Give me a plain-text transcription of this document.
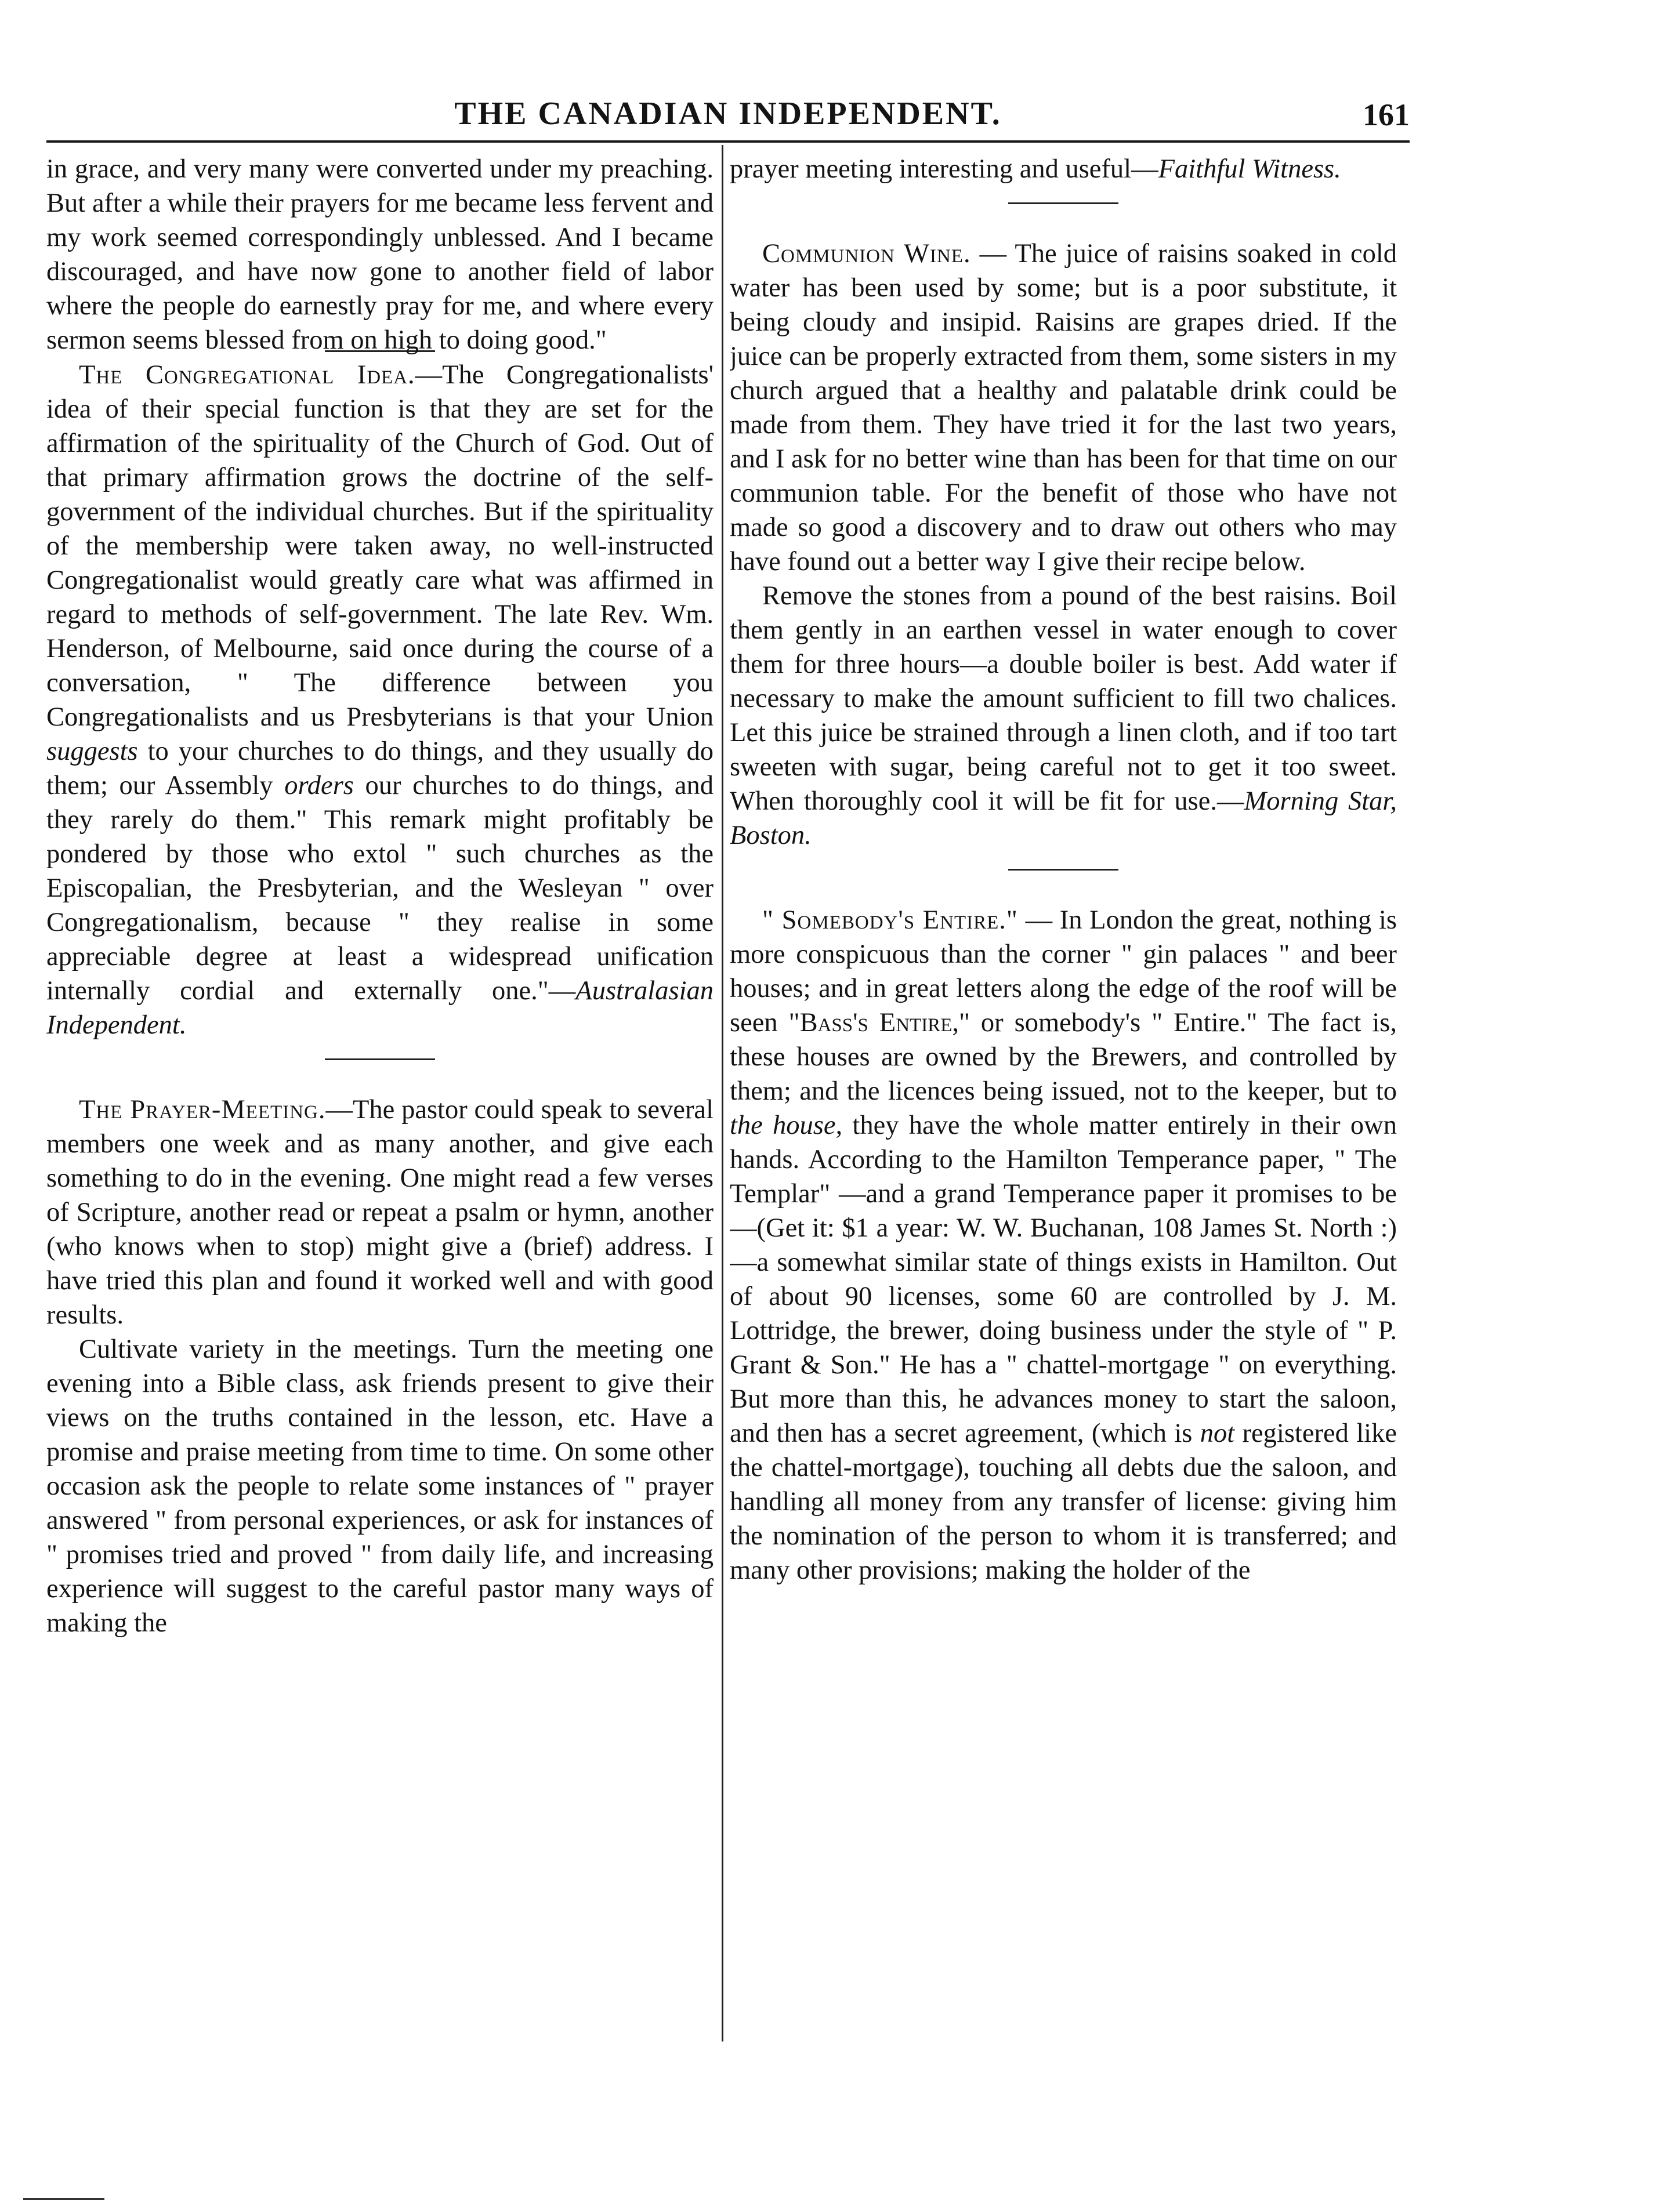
THE CANADIAN INDEPENDENT.	161

in grace, and very many were converted under my preaching. But after a while their prayers for me became less fervent and my work seemed correspondingly unblessed. And I became discouraged, and have now gone to another field of labor where the people do earnestly pray for me, and where every sermon seems blessed from on high to doing good."

The Congregational Idea.—The Congregationalists' idea of their special function is that they are set for the affirmation of the spirituality of the Church of God. Out of that primary affirmation grows the doctrine of the self-government of the individual churches. But if the spirituality of the membership were taken away, no well-instructed Congregationalist would greatly care what was affirmed in regard to methods of self-government. The late Rev. Wm. Henderson, of Melbourne, said once during the course of a conversation, " The difference between you Congregationalists and us Presbyterians is that your Union suggests to your churches to do things, and they usually do them; our Assembly orders our churches to do things, and they rarely do them." This remark might profitably be pondered by those who extol " such churches as the Episcopalian, the Presbyterian, and the Wesleyan " over Congregationalism, because " they realise in some appreciable degree at least a widespread unification internally cordial and externally one."—Australasian Independent.

The Prayer-Meeting.—The pastor could speak to several members one week and as many another, and give each something to do in the evening. One might read a few verses of Scripture, another read or repeat a psalm or hymn, another (who knows when to stop) might give a (brief) address. I have tried this plan and found it worked well and with good results.

Cultivate variety in the meetings. Turn the meeting one evening into a Bible class, ask friends present to give their views on the truths contained in the lesson, etc. Have a promise and praise meeting from time to time. On some other occasion ask the people to relate some instances of " prayer answered " from personal experiences, or ask for instances of " promises tried and proved " from daily life, and increasing experience will suggest to the careful pastor many ways of making the

prayer meeting interesting and useful—Faithful Witness.

Communion Wine. — The juice of raisins soaked in cold water has been used by some; but is a poor substitute, it being cloudy and insipid. Raisins are grapes dried. If the juice can be properly extracted from them, some sisters in my church argued that a healthy and palatable drink could be made from them. They have tried it for the last two years, and I ask for no better wine than has been for that time on our communion table. For the benefit of those who have not made so good a discovery and to draw out others who may have found out a better way I give their recipe below.

Remove the stones from a pound of the best raisins. Boil them gently in an earthen vessel in water enough to cover them for three hours—a double boiler is best. Add water if necessary to make the amount sufficient to fill two chalices. Let this juice be strained through a linen cloth, and if too tart sweeten with sugar, being careful not to get it too sweet. When thoroughly cool it will be fit for use.—Morning Star, Boston.

" Somebody's Entire." — In London the great, nothing is more conspicuous than the corner " gin palaces " and beer houses; and in great letters along the edge of the roof will be seen "Bass's Entire," or somebody's " Entire." The fact is, these houses are owned by the Brewers, and controlled by them; and the licences being issued, not to the keeper, but to the house, they have the whole matter entirely in their own hands. According to the Hamilton Temperance paper, " The Templar" —and a grand Temperance paper it promises to be—(Get it: $1 a year: W. W. Buchanan, 108 James St. North :)—a somewhat similar state of things exists in Hamilton. Out of about 90 licenses, some 60 are controlled by J. M. Lottridge, the brewer, doing business under the style of " P. Grant & Son." He has a " chattel-mortgage " on everything. But more than this, he advances money to start the saloon, and then has a secret agreement, (which is not registered like the chattel-mortgage), touching all debts due the saloon, and handling all money from any transfer of license: giving him the nomination of the person to whom it is transferred; and many other provisions; making the holder of the
